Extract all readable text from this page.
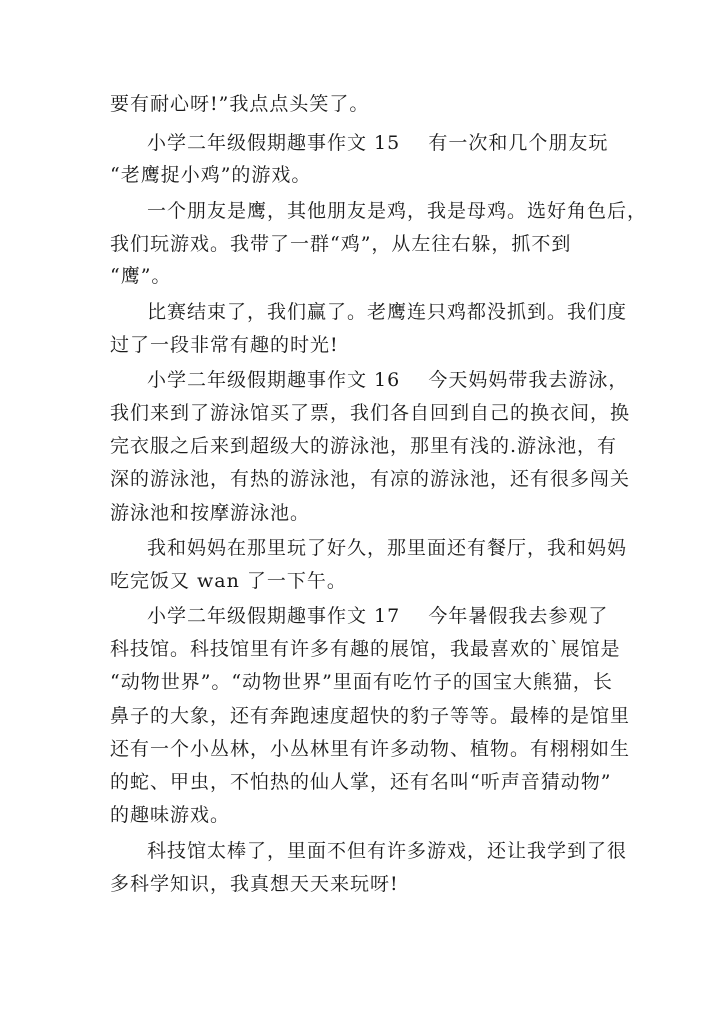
要有耐心呀!”我点点头笑了。
小学二年级假期趣事作文 15    有一次和几个朋友玩
“老鹰捉小鸡”的游戏。
一个朋友是鹰，其他朋友是鸡，我是母鸡。选好角色后，
我们玩游戏。我带了一群“鸡”，从左往右躲，抓不到
“鹰”。
比赛结束了，我们赢了。老鹰连只鸡都没抓到。我们度
过了一段非常有趣的时光!
小学二年级假期趣事作文 16    今天妈妈带我去游泳，
我们来到了游泳馆买了票，我们各自回到自己的换衣间，换
完衣服之后来到超级大的游泳池，那里有浅的.游泳池，有
深的游泳池，有热的游泳池，有凉的游泳池，还有很多闯关
游泳池和按摩游泳池。
我和妈妈在那里玩了好久，那里面还有餐厅，我和妈妈
吃完饭又 wan 了一下午。
小学二年级假期趣事作文 17    今年暑假我去参观了
科技馆。科技馆里有许多有趣的展馆，我最喜欢的`展馆是
“动物世界”。“动物世界”里面有吃竹子的国宝大熊猫，长
鼻子的大象，还有奔跑速度超快的豹子等等。最棒的是馆里
还有一个小丛林，小丛林里有许多动物、植物。有栩栩如生
的蛇、甲虫，不怕热的仙人掌，还有名叫“听声音猜动物”
的趣味游戏。
科技馆太棒了，里面不但有许多游戏，还让我学到了很
多科学知识，我真想天天来玩呀!
